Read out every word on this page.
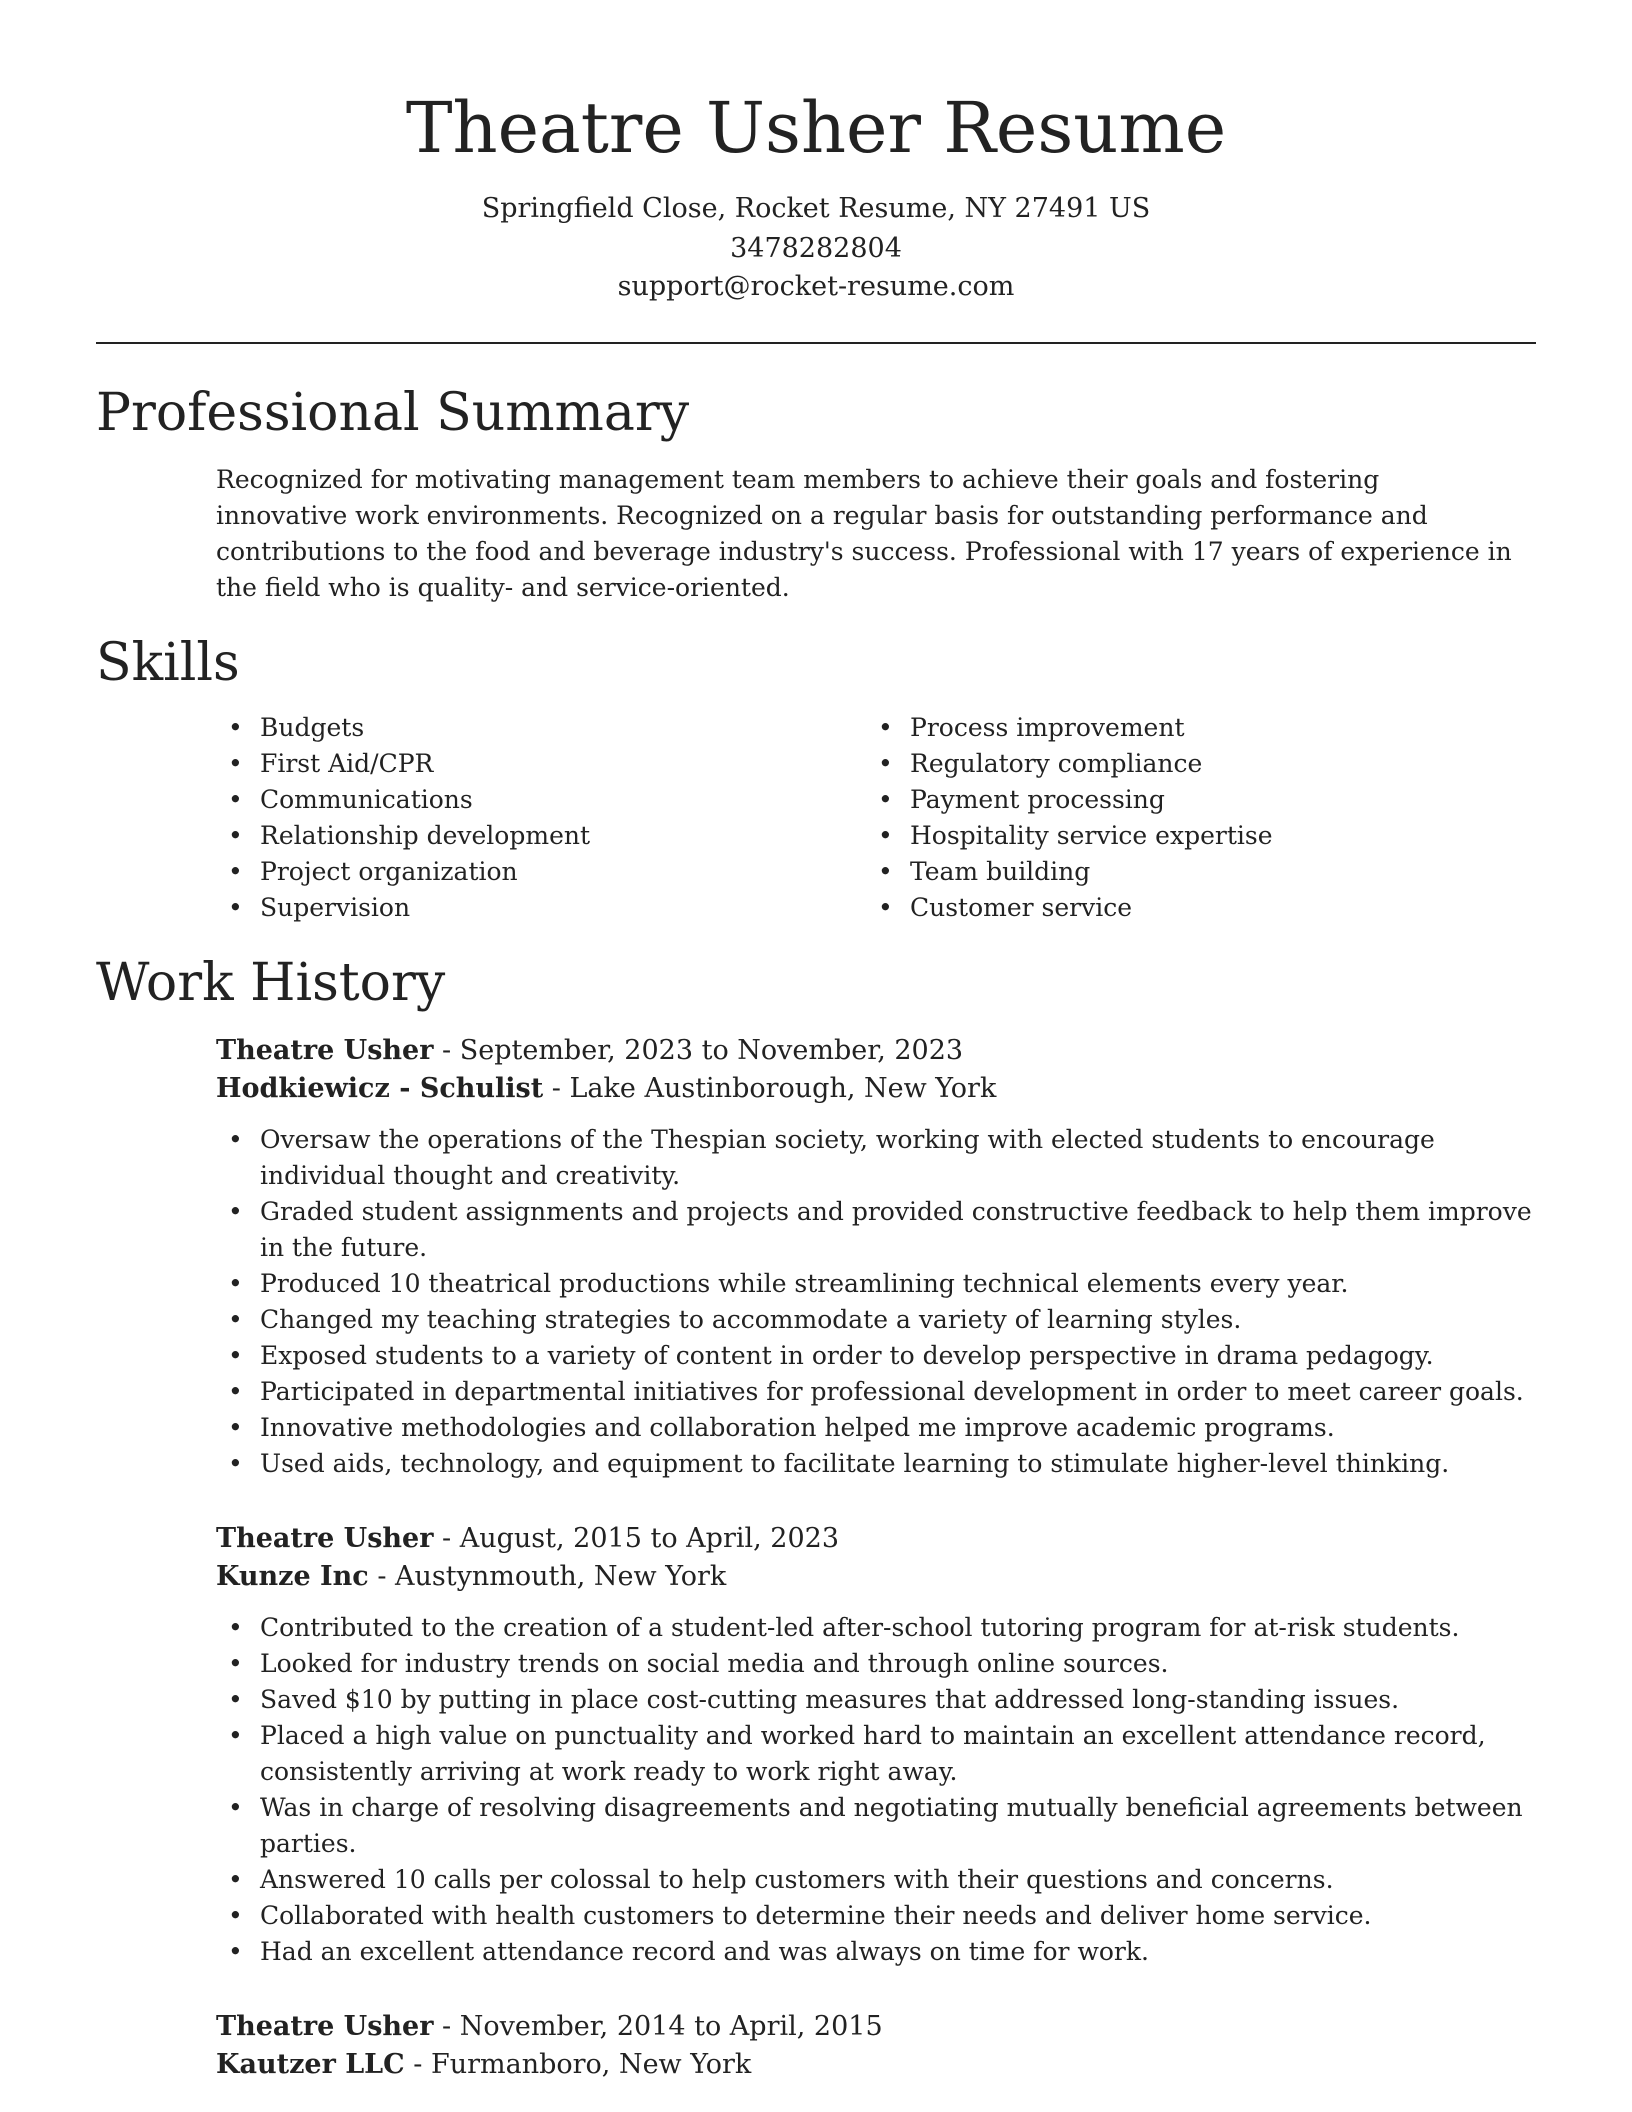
Theatre Usher Resume
Springfield Close, Rocket Resume, NY 27491 US
3478282804
support@rocket-resume.com
Professional Summary

Recognized for motivating management team members to achieve their goals and fostering innovative work environments. Recognized on a regular basis for outstanding performance and contributions to the food and beverage industry's success. Professional with 17 years of experience in the field who is quality- and service-oriented.

Skills
• Budgets
• First Aid/CPR
• Communications
• Relationship development
• Project organization
• Supervision
• Process improvement
• Regulatory compliance
• Payment processing
• Hospitality service expertise
• Team building
• Customer service
Work History
Theatre Usher - September, 2023 to November, 2023
Hodkiewicz - Schulist - Lake Austinborough, New York
• Oversaw the operations of the Thespian society, working with elected students to encourage individual thought and creativity.
• Graded student assignments and projects and provided constructive feedback to help them improve in the future.
• Produced 10 theatrical productions while streamlining technical elements every year.
• Changed my teaching strategies to accommodate a variety of learning styles.
• Exposed students to a variety of content in order to develop perspective in drama pedagogy.
• Participated in departmental initiatives for professional development in order to meet career goals.
• Innovative methodologies and collaboration helped me improve academic programs.
• Used aids, technology, and equipment to facilitate learning to stimulate higher-level thinking.
Theatre Usher - August, 2015 to April, 2023
Kunze Inc - Austynmouth, New York
• Contributed to the creation of a student-led after-school tutoring program for at-risk students.
• Looked for industry trends on social media and through online sources.
• Saved $10 by putting in place cost-cutting measures that addressed long-standing issues.
• Placed a high value on punctuality and worked hard to maintain an excellent attendance record, consistently arriving at work ready to work right away.
• Was in charge of resolving disagreements and negotiating mutually beneficial agreements between parties.
• Answered 10 calls per colossal to help customers with their questions and concerns.
• Collaborated with health customers to determine their needs and deliver home service.
• Had an excellent attendance record and was always on time for work.
Theatre Usher - November, 2014 to April, 2015
Kautzer LLC - Furmanboro, New York
